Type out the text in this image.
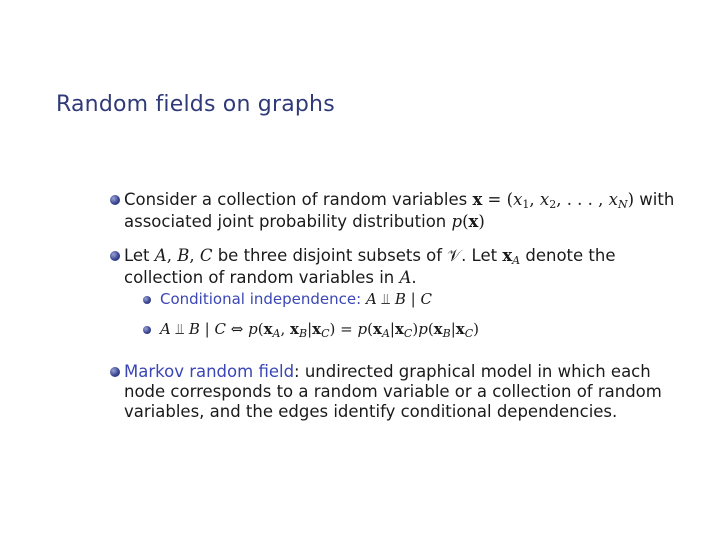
Random fields on graphs
Consider a collection of random variables $x = (x_1$, $x_2$, . . . , $x_N$) with
associated joint probability distribution p(x)
Let A, B, C be three disjoint subsets of 𝒱. Let $x_A$ denote the
collection of random variables in A.
Conditional independence: A ⫫ B | C
A ⫫ B | C ⇔ $p(x_A$, $x_B|x_C) = p(x_A|x_C)p(x_B|x_C)$
Markov random field: undirected graphical model in which each
node corresponds to a random variable or a collection of random
variables, and the edges identify conditional dependencies.
